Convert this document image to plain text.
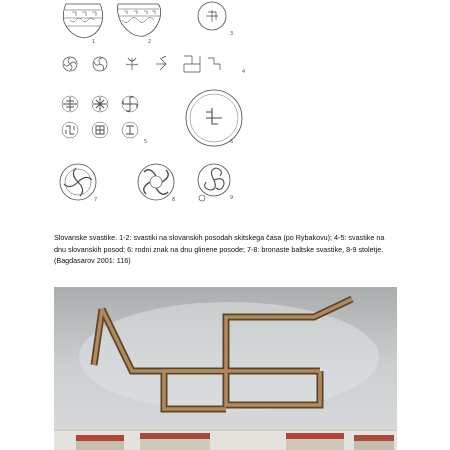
1	2
3
4
5	6
7	8	9

Slovanske svastike. 1-2: svastiki na slovanskih posodah skitskega časa (po Rybakovu); 4-5: svastike na dnu slovanskih posod; 6: rodni znak na dnu glinene posode; 7-8: bronaste baltske svastike, 8-9 stoletje. (Bagdasarov 2001: 116)
